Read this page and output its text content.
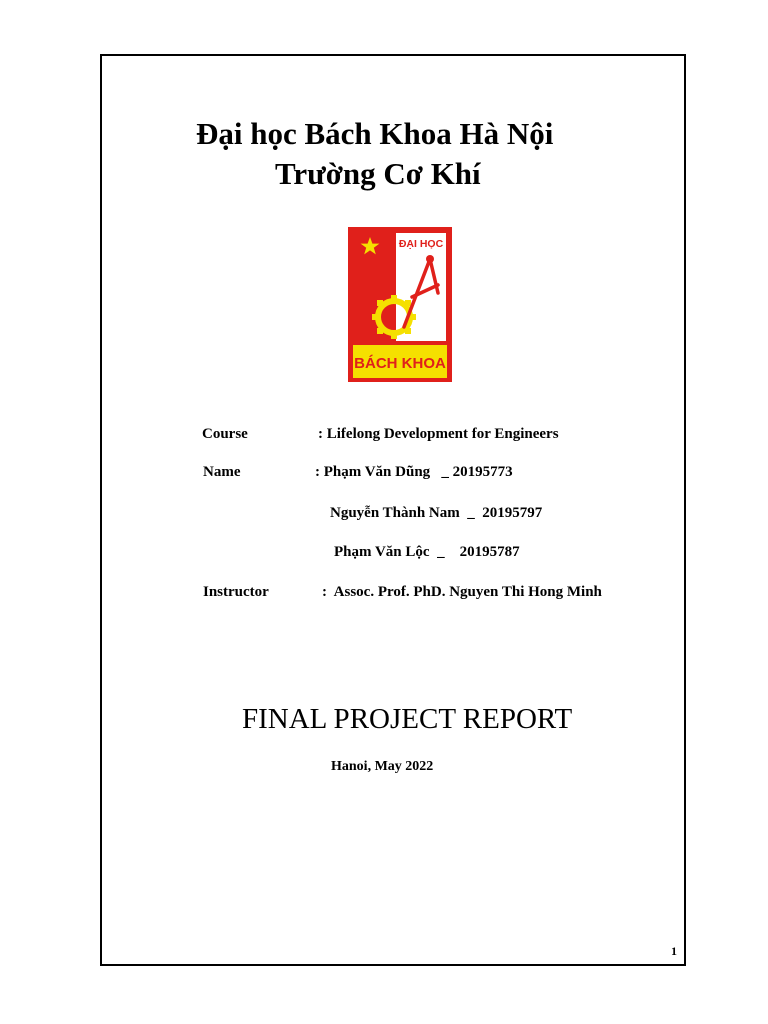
Đại học Bách Khoa Hà Nội
Trường Cơ Khí
ĐẠI HỌC
BÁCH KHOA
Course	: Lifelong Development for Engineers
Name	: Phạm Văn Dũng   _ 20195773
Nguyễn Thành Nam  _  20195797
Phạm Văn Lộc  _    20195787
Instructor	:  Assoc. Prof. PhD. Nguyen Thi Hong Minh
FINAL PROJECT REPORT
Hanoi, May 2022
1
